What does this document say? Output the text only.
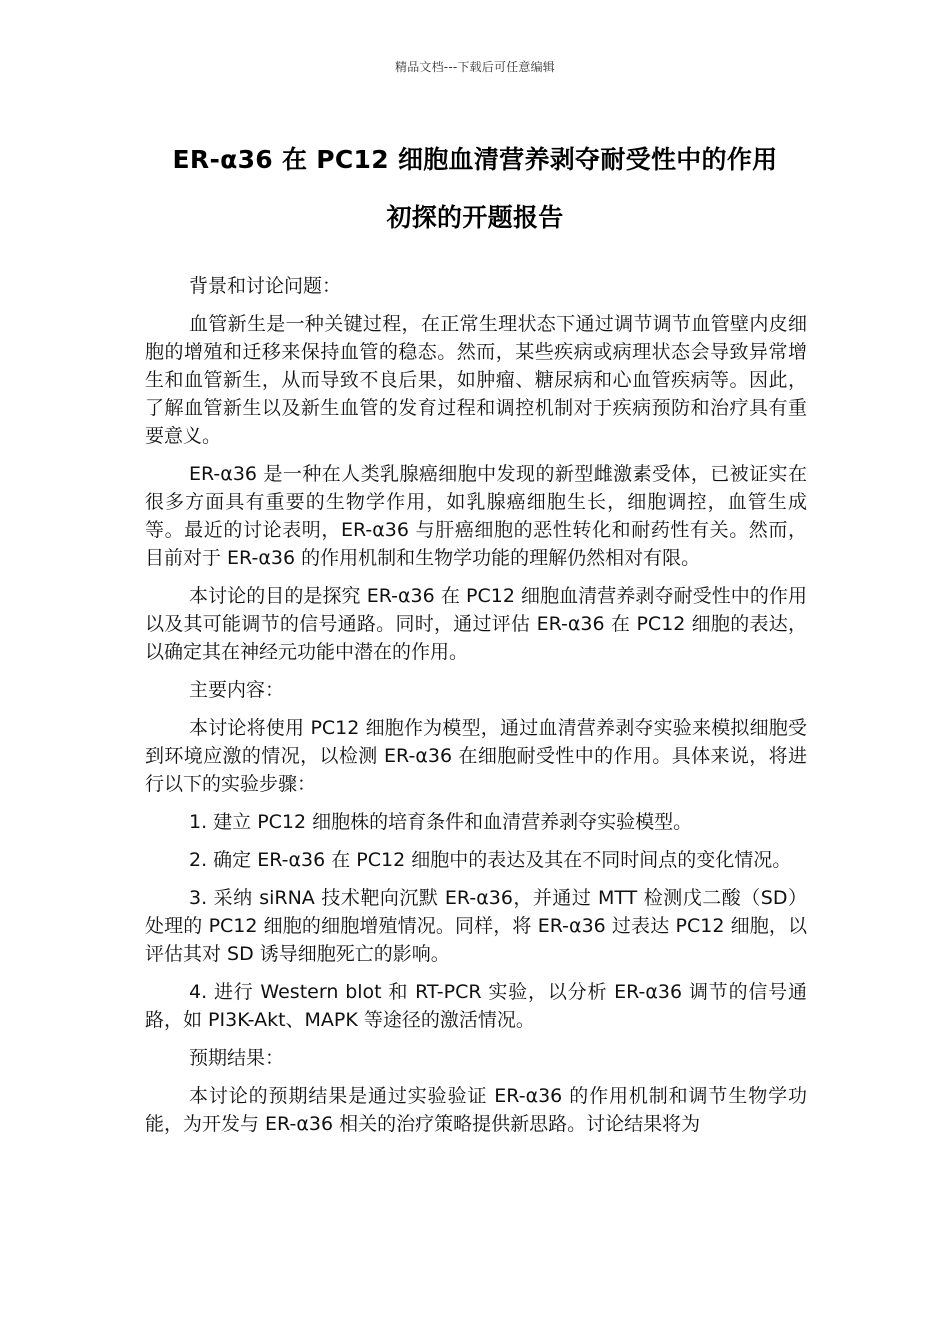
精品文档---下载后可任意编辑
ER-α36 在 PC12 细胞血清营养剥夺耐受性中的作用
初探的开题报告

背景和讨论问题：

血管新生是一种关键过程，在正常生理状态下通过调节调节血管壁内皮细胞的增殖和迁移来保持血管的稳态。然而，某些疾病或病理状态会导致异常增生和血管新生，从而导致不良后果，如肿瘤、糖尿病和心血管疾病等。因此，了解血管新生以及新生血管的发育过程和调控机制对于疾病预防和治疗具有重要意义。

ER-α36 是一种在人类乳腺癌细胞中发现的新型雌激素受体，已被证实在很多方面具有重要的生物学作用，如乳腺癌细胞生长，细胞调控，血管生成等。最近的讨论表明，ER-α36 与肝癌细胞的恶性转化和耐药性有关。然而，目前对于 ER-α36 的作用机制和生物学功能的理解仍然相对有限。

本讨论的目的是探究 ER-α36 在 PC12 细胞血清营养剥夺耐受性中的作用以及其可能调节的信号通路。同时，通过评估 ER-α36 在 PC12 细胞的表达，以确定其在神经元功能中潜在的作用。

主要内容：

本讨论将使用 PC12 细胞作为模型，通过血清营养剥夺实验来模拟细胞受到环境应激的情况，以检测 ER-α36 在细胞耐受性中的作用。具体来说，将进行以下的实验步骤：

1. 建立 PC12 细胞株的培育条件和血清营养剥夺实验模型。

2. 确定 ER-α36 在 PC12 细胞中的表达及其在不同时间点的变化情况。

3. 采纳 siRNA 技术靶向沉默 ER-α36，并通过 MTT 检测戊二酸（SD）处理的 PC12 细胞的细胞增殖情况。同样，将 ER-α36 过表达 PC12 细胞，以评估其对 SD 诱导细胞死亡的影响。

4. 进行 Western blot 和 RT-PCR 实验，以分析 ER-α36 调节的信号通路，如 PI3K-Akt、MAPK 等途径的激活情况。

预期结果：

本讨论的预期结果是通过实验验证 ER-α36 的作用机制和调节生物学功能，为开发与 ER-α36 相关的治疗策略提供新思路。讨论结果将为
